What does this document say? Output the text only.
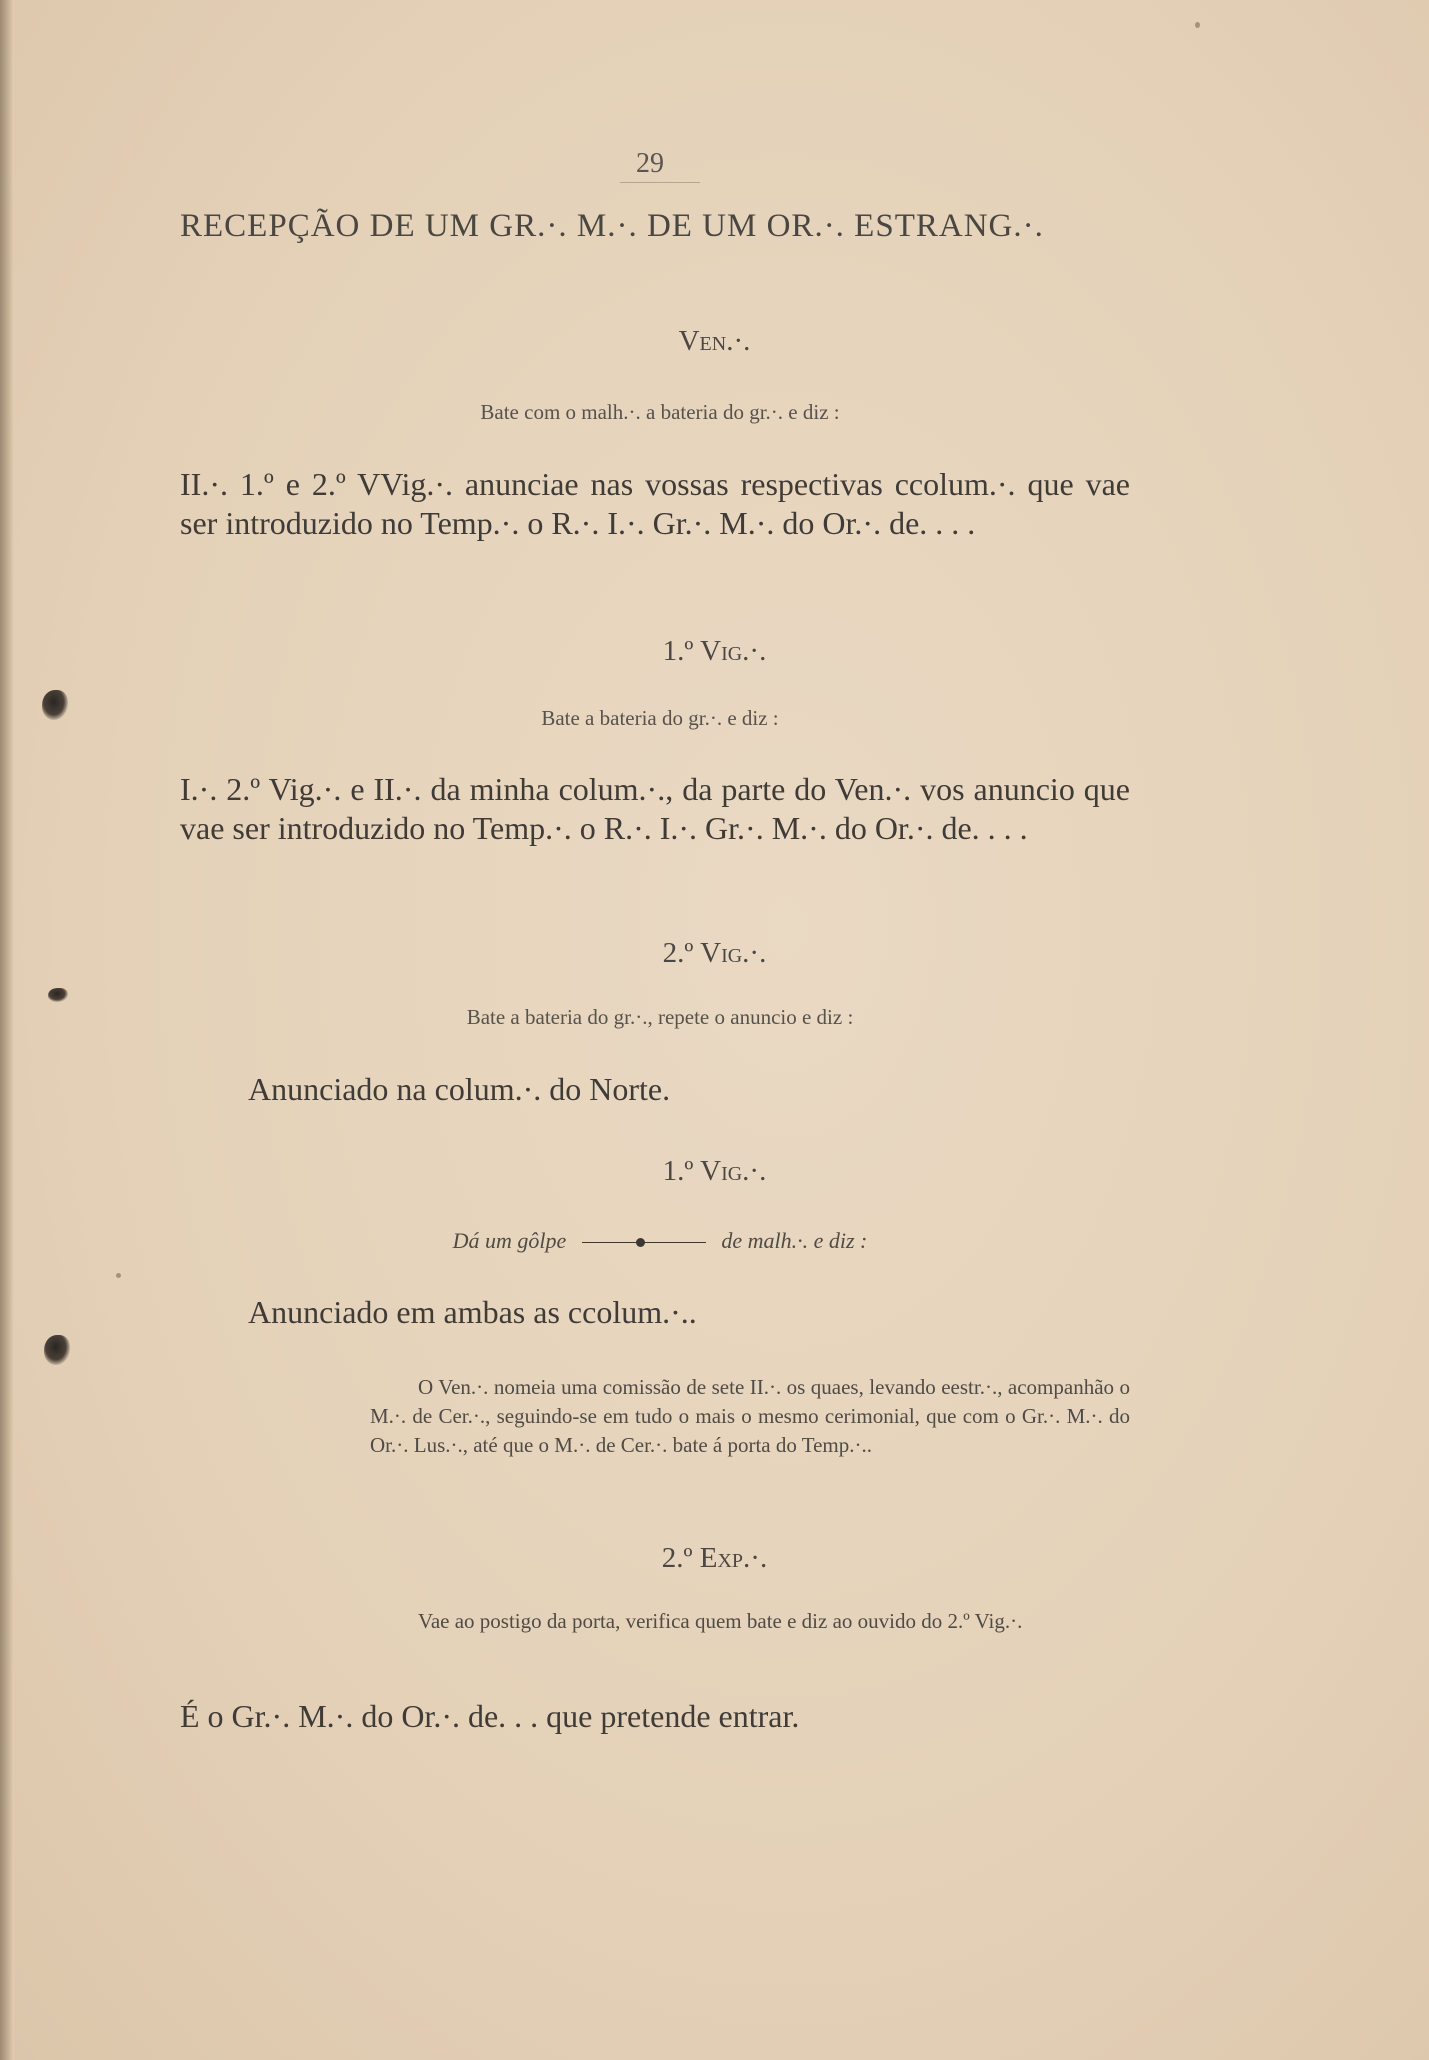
29
RECEPÇÃO DE UM GR.·. M.·. DE UM OR.·. ESTRANG.·.
Ven.·.
Bate com o malh.·. a bateria do gr.·. e diz :
II.·. 1.º e 2.º VVig.·. anunciae nas vossas respectivas ccolum.·. que vae ser introduzido no Temp.·. o R.·. I.·. Gr.·. M.·. do Or.·. de. . . .
1.º Vig.·.
Bate a bateria do gr.·. e diz :
I.·. 2.º Vig.·. e II.·. da minha colum.·., da parte do Ven.·. vos anuncio que vae ser introduzido no Temp.·. o R.·. I.·. Gr.·. M.·. do Or.·. de. . . .
2.º Vig.·.
Bate a bateria do gr.·., repete o anuncio e diz :
Anunciado na colum.·. do Norte.
1.º Vig.·.
Dá um gôlpe	de malh.·. e diz :
Anunciado em ambas as ccolum.·..
O Ven.·. nomeia uma comissão de sete II.·. os quaes, levando eestr.·., acompanhão o M.·. de Cer.·., seguindo-se em tudo o mais o mesmo cerimonial, que com o Gr.·. M.·. do Or.·. Lus.·., até que o M.·. de Cer.·. bate á porta do Temp.·..
2.º Exp.·.
Vae ao postigo da porta, verifica quem bate e diz ao ouvido do 2.º Vig.·.
É o Gr.·. M.·. do Or.·. de. . . que pretende entrar.
